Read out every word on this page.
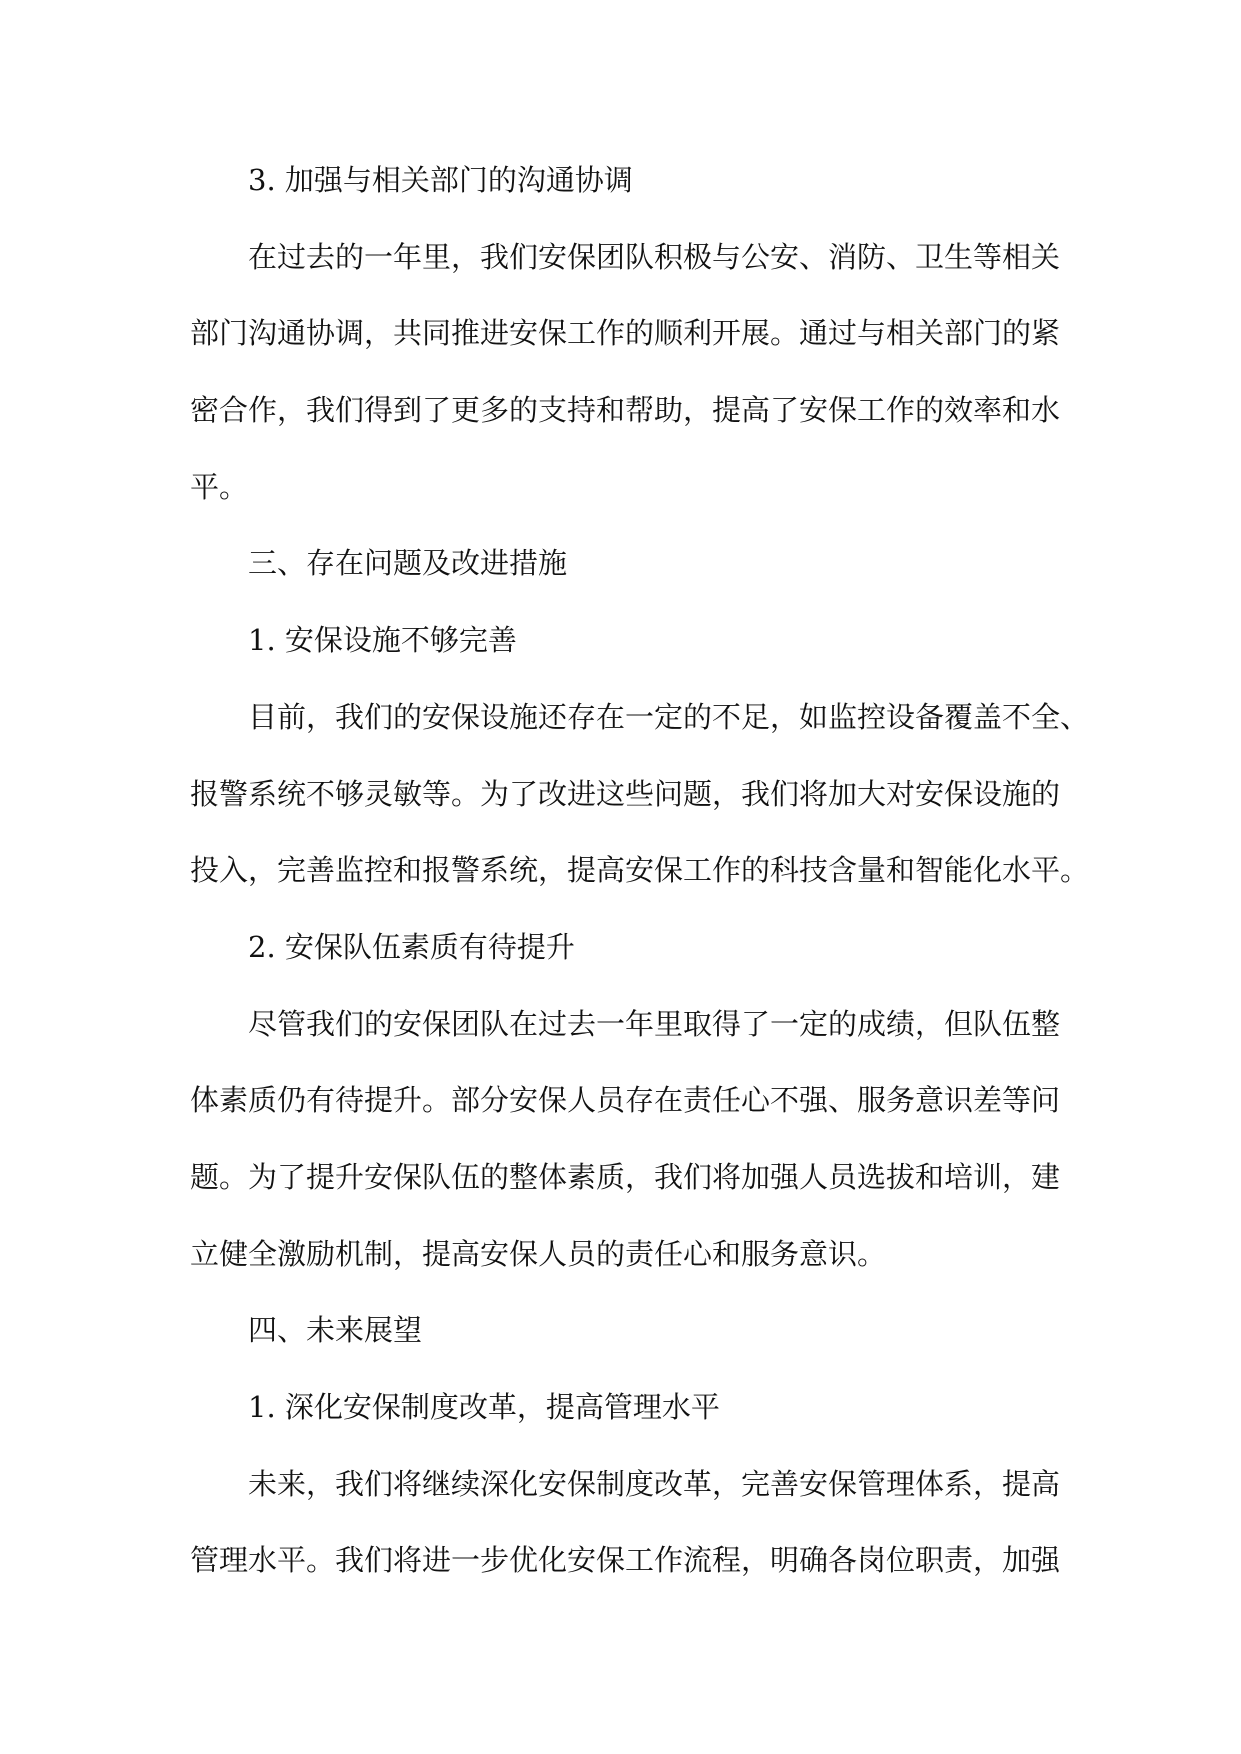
3. 加强与相关部门的沟通协调
在过去的一年里，我们安保团队积极与公安、消防、卫生等相关
部门沟通协调，共同推进安保工作的顺利开展。通过与相关部门的紧
密合作，我们得到了更多的支持和帮助，提高了安保工作的效率和水
平。
三、存在问题及改进措施
1. 安保设施不够完善
目前，我们的安保设施还存在一定的不足，如监控设备覆盖不全、
报警系统不够灵敏等。为了改进这些问题，我们将加大对安保设施的
投入，完善监控和报警系统，提高安保工作的科技含量和智能化水平。
2. 安保队伍素质有待提升
尽管我们的安保团队在过去一年里取得了一定的成绩，但队伍整
体素质仍有待提升。部分安保人员存在责任心不强、服务意识差等问
题。为了提升安保队伍的整体素质，我们将加强人员选拔和培训，建
立健全激励机制，提高安保人员的责任心和服务意识。
四、未来展望
1. 深化安保制度改革，提高管理水平
未来，我们将继续深化安保制度改革，完善安保管理体系，提高
管理水平。我们将进一步优化安保工作流程，明确各岗位职责，加强
